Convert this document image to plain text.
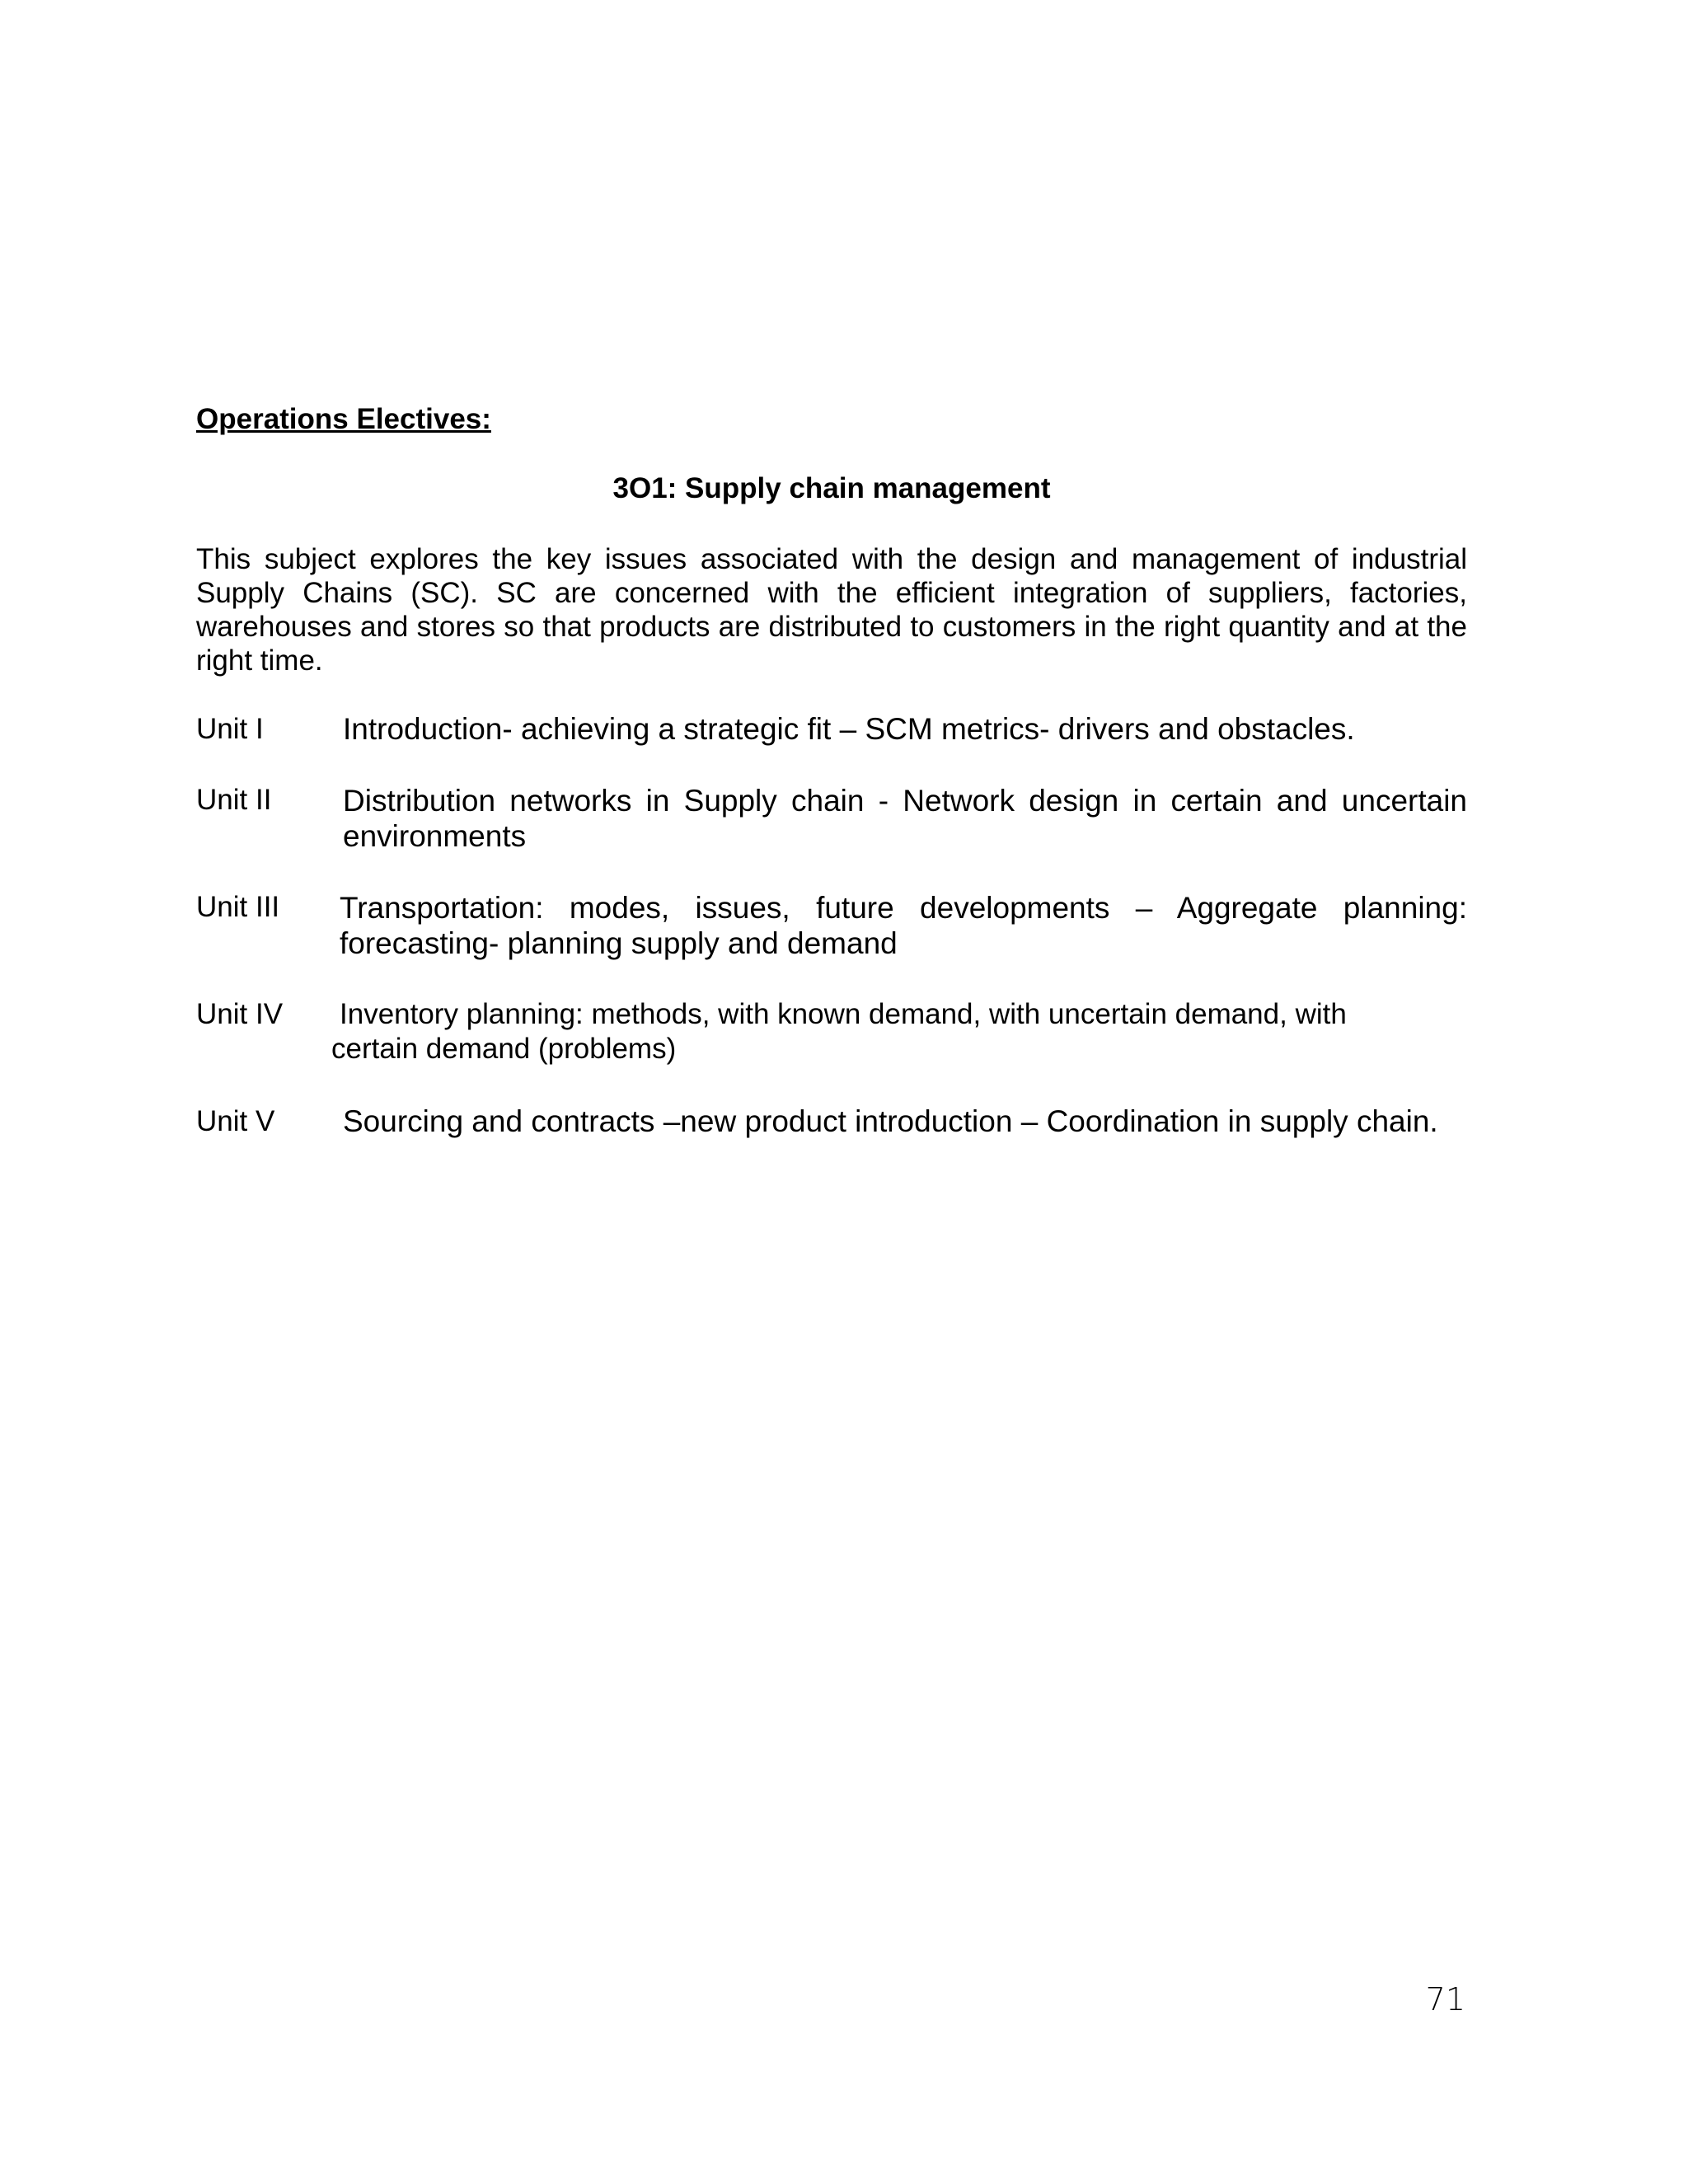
Operations Electives:
3O1: Supply chain management
This subject explores the key issues associated with the design and management of industrial Supply Chains (SC). SC are concerned with the efficient integration of suppliers, factories, warehouses and stores so that products are distributed to customers in the right quantity and at the right time.
Unit I	Introduction- achieving a strategic fit – SCM metrics- drivers and obstacles.
Unit II Distribution networks in Supply chain - Network design in certain and uncertain environments
Unit III Transportation: modes, issues, future developments – Aggregate planning: forecasting- planning supply and demand
Unit IV Inventory planning: methods, with known demand, with uncertain demand, with certain demand (problems)
Unit V Sourcing and contracts –new product introduction – Coordination in supply chain.
71
